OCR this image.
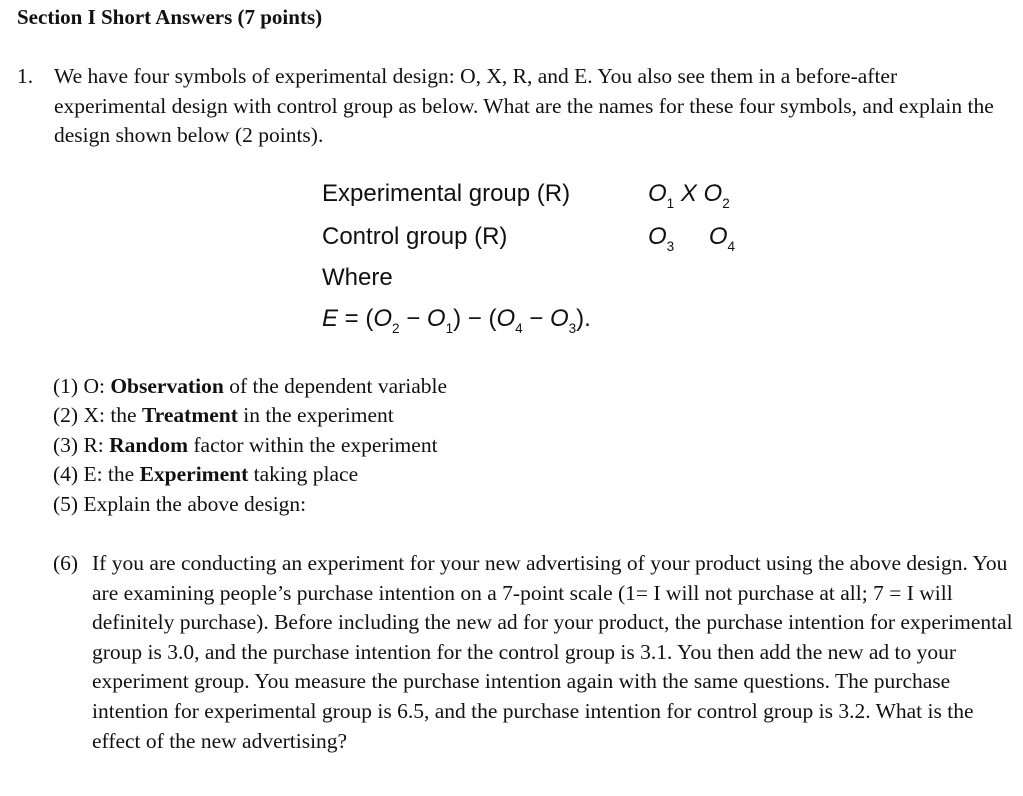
Section I Short Answers (7 points)
1. We have four symbols of experimental design: O, X, R, and E. You also see them in a before-after experimental design with control group as below. What are the names for these four symbols, and explain the design shown below (2 points).
Experimental group (R)	$O_1$ X $O_2$
Control group (R)	$O_3$ $O_4$
Where
$E = (O_2 - O_1) - (O_4 - O_3)$.
(1) O: Observation of the dependent variable
(2) X: the Treatment in the experiment
(3) R: Random factor within the experiment
(4) E: the Experiment taking place
(5) Explain the above design:
(6) If you are conducting an experiment for your new advertising of your product using the above design. You are examining people’s purchase intention on a 7-point scale (1= I will not purchase at all; 7 = I will definitely purchase). Before including the new ad for your product, the purchase intention for experimental group is 3.0, and the purchase intention for the control group is 3.1. You then add the new ad to your experiment group. You measure the purchase intention again with the same questions. The purchase intention for experimental group is 6.5, and the purchase intention for control group is 3.2. What is the effect of the new advertising?
